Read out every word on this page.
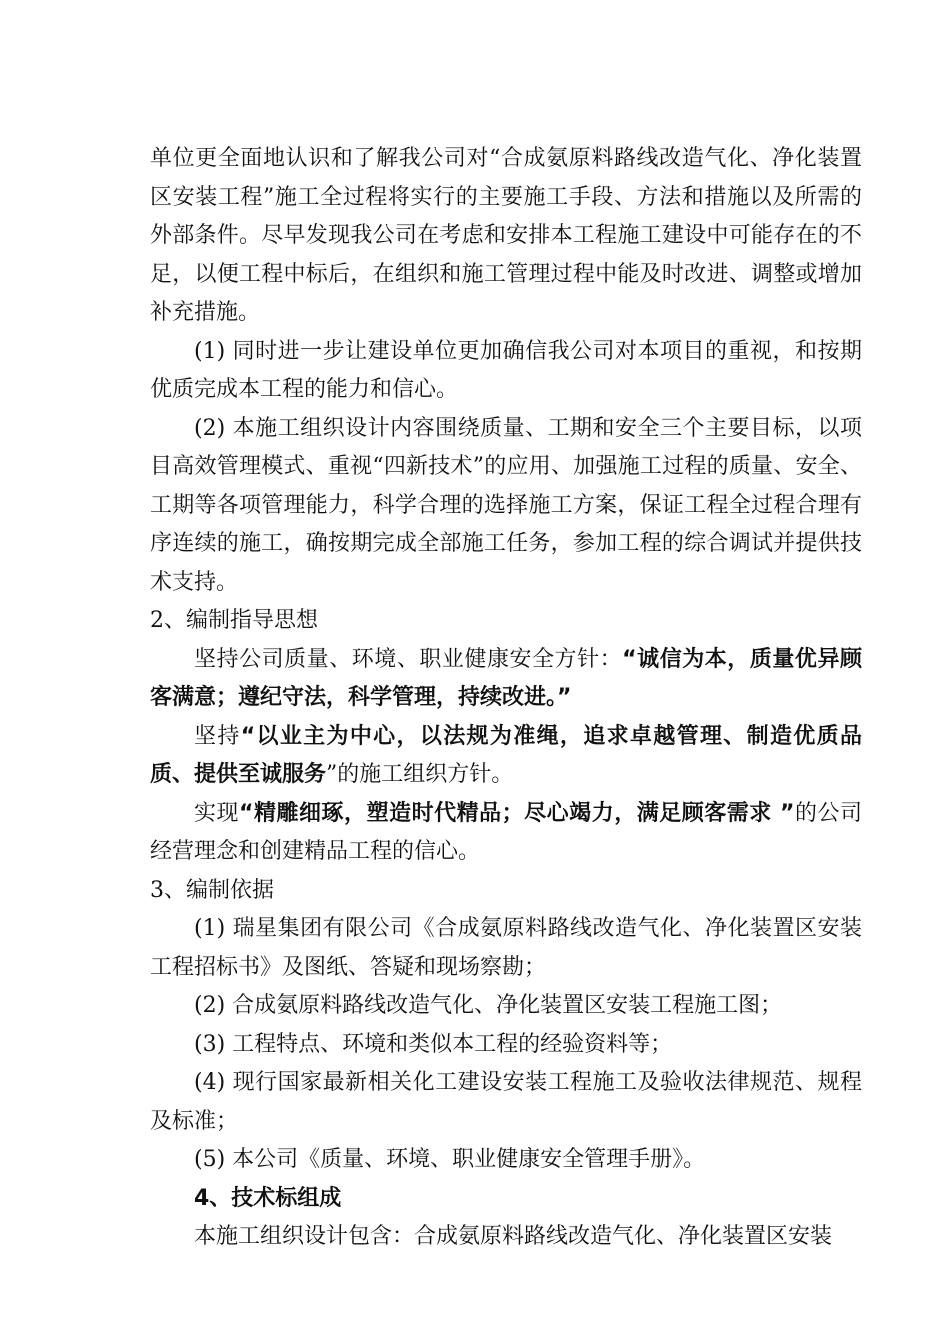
单位更全面地认识和了解我公司对“合成氨原料路线改造气化、净化装置区安装工程”施工全过程将实行的主要施工手段、方法和措施以及所需的外部条件。尽早发现我公司在考虑和安排本工程施工建设中可能存在的不足，以便工程中标后，在组织和施工管理过程中能及时改进、调整或增加补充措施。

(1) 同时进一步让建设单位更加确信我公司对本项目的重视，和按期优质完成本工程的能力和信心。

(2) 本施工组织设计内容围绕质量、工期和安全三个主要目标，以项目高效管理模式、重视“四新技术”的应用、加强施工过程的质量、安全、工期等各项管理能力，科学合理的选择施工方案，保证工程全过程合理有序连续的施工，确按期完成全部施工任务，参加工程的综合调试并提供技术支持。

2、编制指导思想

坚持公司质量、环境、职业健康安全方针：“诚信为本，质量优异顾客满意；遵纪守法，科学管理，持续改进。”

坚持“以业主为中心，以法规为准绳，追求卓越管理、制造优质品质、提供至诚服务”的施工组织方针。

实现“精雕细琢，塑造时代精品；尽心竭力，满足顾客需求 ”的公司经营理念和创建精品工程的信心。

3、编制依据

(1) 瑞星集团有限公司《合成氨原料路线改造气化、净化装置区安装工程招标书》及图纸、答疑和现场察勘；

(2) 合成氨原料路线改造气化、净化装置区安装工程施工图；

(3) 工程特点、环境和类似本工程的经验资料等；

(4) 现行国家最新相关化工建设安装工程施工及验收法律规范、规程及标准；

(5) 本公司《质量、环境、职业健康安全管理手册》。

4、技术标组成

本施工组织设计包含：合成氨原料路线改造气化、净化装置区安装
